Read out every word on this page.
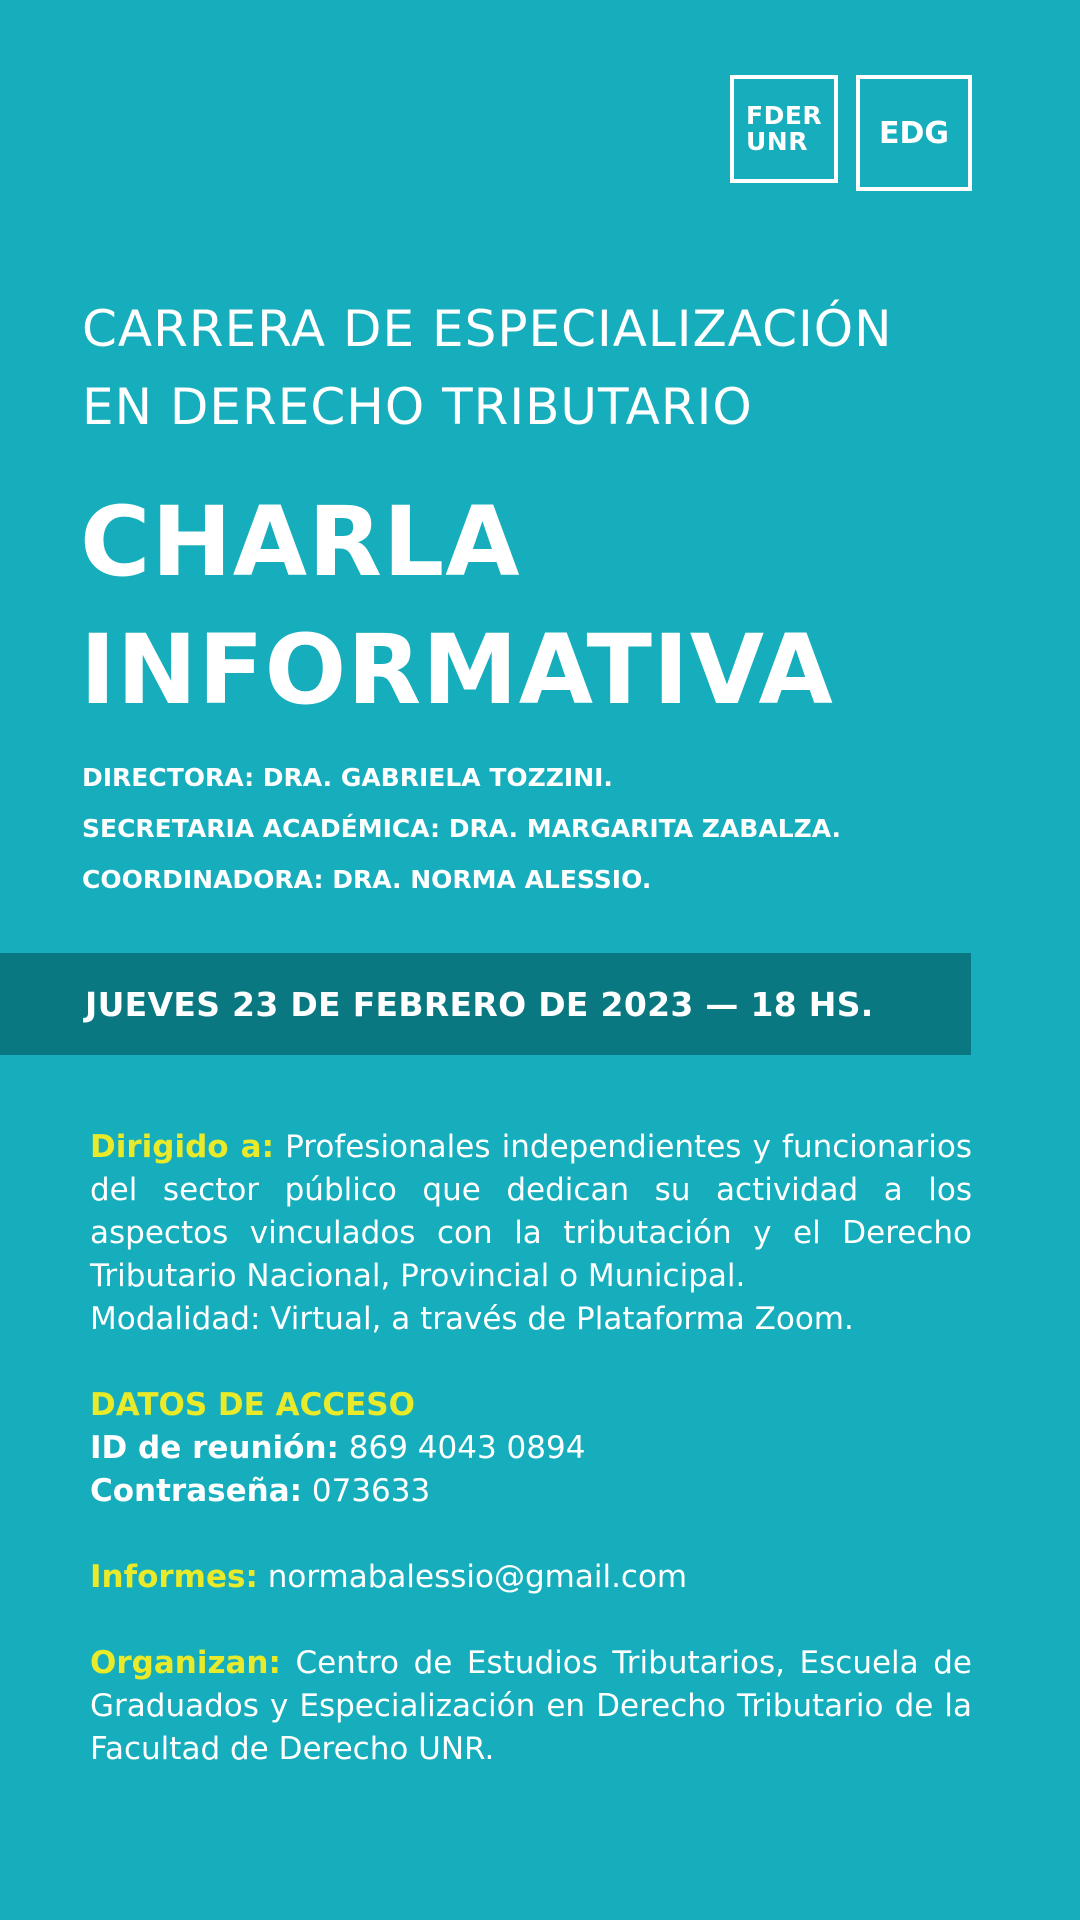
FDER
UNR EDG
CARRERA DE ESPECIALIZACIÓN
EN DERECHO TRIBUTARIO
CHARLA
INFORMATIVA
DIRECTORA: DRA. GABRIELA TOZZINI.
SECRETARIA ACADÉMICA: DRA. MARGARITA ZABALZA.
COORDINADORA: DRA. NORMA ALESSIO.
JUEVES 23 DE FEBRERO DE 2023 — 18 HS.

Dirigido a: Profesionales independientes y funcionarios del sector público que dedican su actividad a los aspectos vinculados con la tributación y el Derecho Tributario Nacional, Provincial o Municipal.

Modalidad: Virtual, a través de Plataforma Zoom.

DATOS DE ACCESO

ID de reunión: 869 4043 0894

Contraseña: 073633

Informes: normabalessio@gmail.com

Organizan: Centro de Estudios Tributarios, Escuela de Graduados y Especialización en Derecho Tributario de la Facultad de Derecho UNR.
